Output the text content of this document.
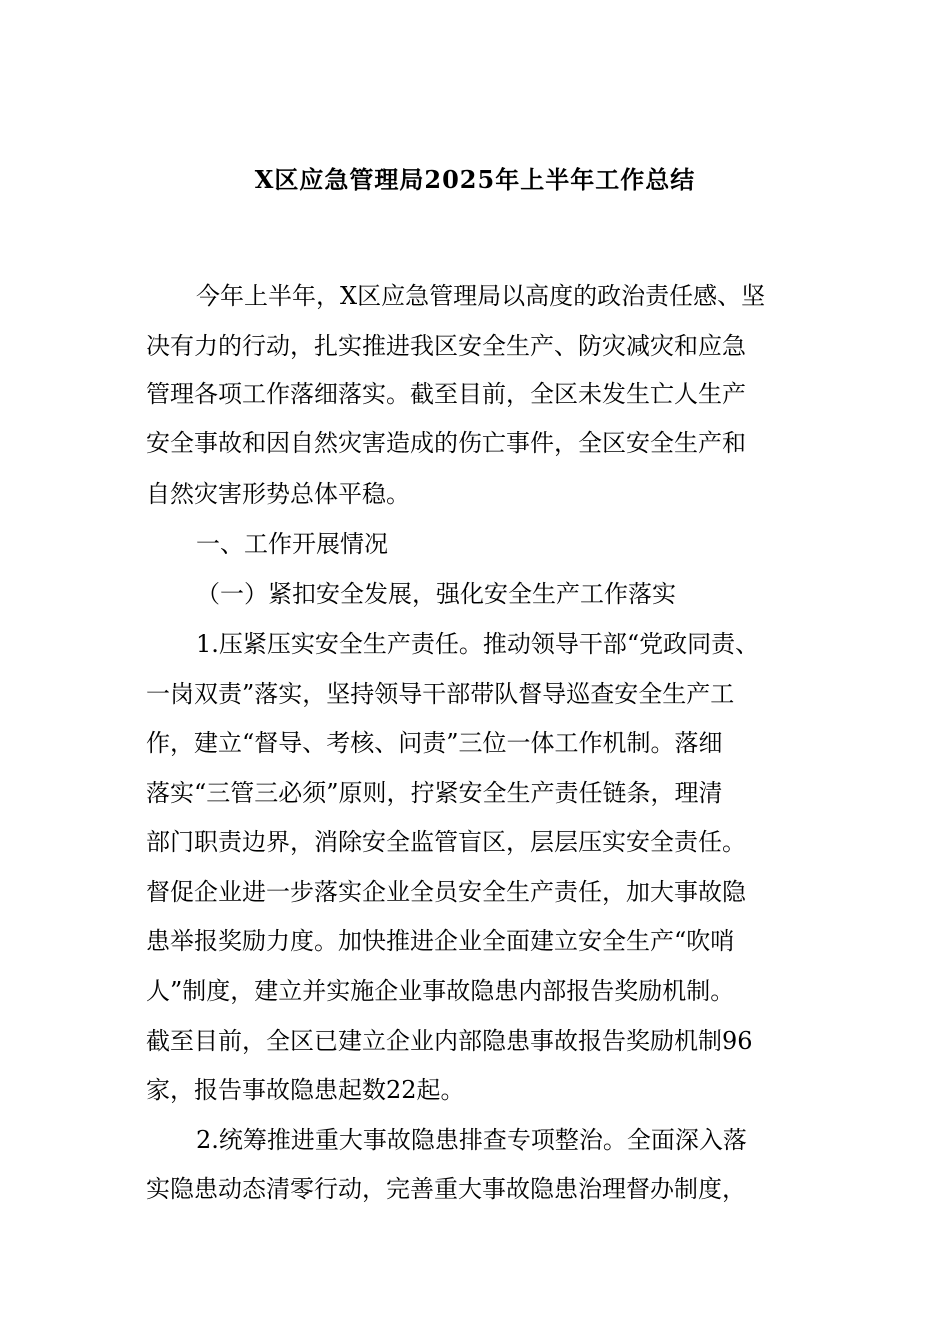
X区应急管理局2025年上半年工作总结
今年上半年，X区应急管理局以高度的政治责任感、坚
决有力的行动，扎实推进我区安全生产、防灾减灾和应急
管理各项工作落细落实。截至目前，全区未发生亡人生产
安全事故和因自然灾害造成的伤亡事件，全区安全生产和
自然灾害形势总体平稳。
一、工作开展情况
（一）紧扣安全发展，强化安全生产工作落实
1.压紧压实安全生产责任。推动领导干部“党政同责、
一岗双责”落实，坚持领导干部带队督导巡查安全生产工
作，建立“督导、考核、问责”三位一体工作机制。落细
落实“三管三必须”原则，拧紧安全生产责任链条，理清
部门职责边界，消除安全监管盲区，层层压实安全责任。
督促企业进一步落实企业全员安全生产责任，加大事故隐
患举报奖励力度。加快推进企业全面建立安全生产“吹哨
人”制度，建立并实施企业事故隐患内部报告奖励机制。
截至目前，全区已建立企业内部隐患事故报告奖励机制96
家，报告事故隐患起数22起。
2.统筹推进重大事故隐患排查专项整治。全面深入落
实隐患动态清零行动，完善重大事故隐患治理督办制度，
